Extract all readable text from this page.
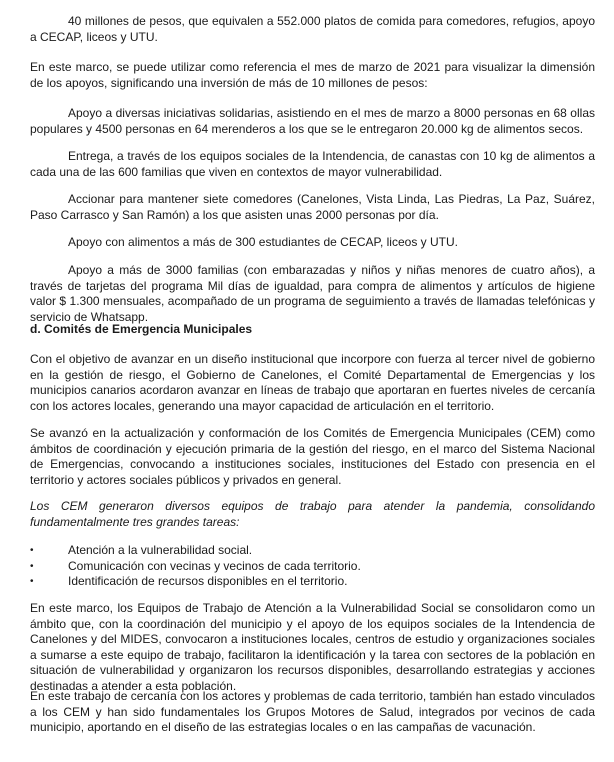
40 millones de pesos, que equivalen a 552.000 platos de comida para comedores, refugios, apoyo a CECAP, liceos y UTU.

En este marco, se puede utilizar como referencia el mes de marzo de 2021 para visualizar la dimensión de los apoyos, significando una inversión de más de 10 millones de pesos:

Apoyo a diversas iniciativas solidarias, asistiendo en el mes de marzo a 8000 personas en 68 ollas populares y 4500 personas en 64 merenderos a los que se le entregaron 20.000 kg de alimentos secos.

Entrega, a través de los equipos sociales de la Intendencia, de canastas con 10 kg de alimentos a cada una de las 600 familias que viven en contextos de mayor vulnerabilidad.

Accionar para mantener siete comedores (Canelones, Vista Linda, Las Piedras, La Paz, Suárez, Paso Carrasco y San Ramón) a los que asisten unas 2000 personas por día.

Apoyo con alimentos a más de 300 estudiantes de CECAP, liceos y UTU.

Apoyo a más de 3000 familias (con embarazadas y niños y niñas menores de cuatro años), a través de tarjetas del programa Mil días de igualdad, para compra de alimentos y artículos de higiene valor $ 1.300 mensuales, acompañado de un programa de seguimiento a través de llamadas telefónicas y servicio de Whatsapp.

d. Comités de Emergencia Municipales

Con el objetivo de avanzar en un diseño institucional que incorpore con fuerza al tercer nivel de gobierno en la gestión de riesgo, el Gobierno de Canelones, el Comité Departamental de Emergencias y los municipios canarios acordaron avanzar en líneas de trabajo que aportaran en fuertes niveles de cercanía con los actores locales, generando una mayor capacidad de articulación en el territorio.

Se avanzó en la actualización y conformación de los Comités de Emergencia Municipales (CEM) como ámbitos de coordinación y ejecución primaria de la gestión del riesgo, en el marco del Sistema Nacional de Emergencias, convocando a instituciones sociales, instituciones del Estado con presencia en el territorio y actores sociales públicos y privados en general.

Los CEM generaron diversos equipos de trabajo para atender la pandemia, consolidando fundamentalmente tres grandes tareas:

•	Atención a la vulnerabilidad social.
•	Comunicación con vecinas y vecinos de cada territorio.
•	Identificación de recursos disponibles en el territorio.

En este marco, los Equipos de Trabajo de Atención a la Vulnerabilidad Social se consolidaron como un ámbito que, con la coordinación del municipio y el apoyo de los equipos sociales de la Intendencia de Canelones y del MIDES, convocaron a instituciones locales, centros de estudio y organizaciones sociales a sumarse a este equipo de trabajo, facilitaron la identificación y la tarea con sectores de la población en situación de vulnerabilidad y organizaron los recursos disponibles, desarrollando estrategias y acciones destinadas a atender a esta población.

En este trabajo de cercanía con los actores y problemas de cada territorio, también han estado vinculados a los CEM y han sido fundamentales los Grupos Motores de Salud, integrados por vecinos de cada municipio, aportando en el diseño de las estrategias locales o en las campañas de vacunación.
